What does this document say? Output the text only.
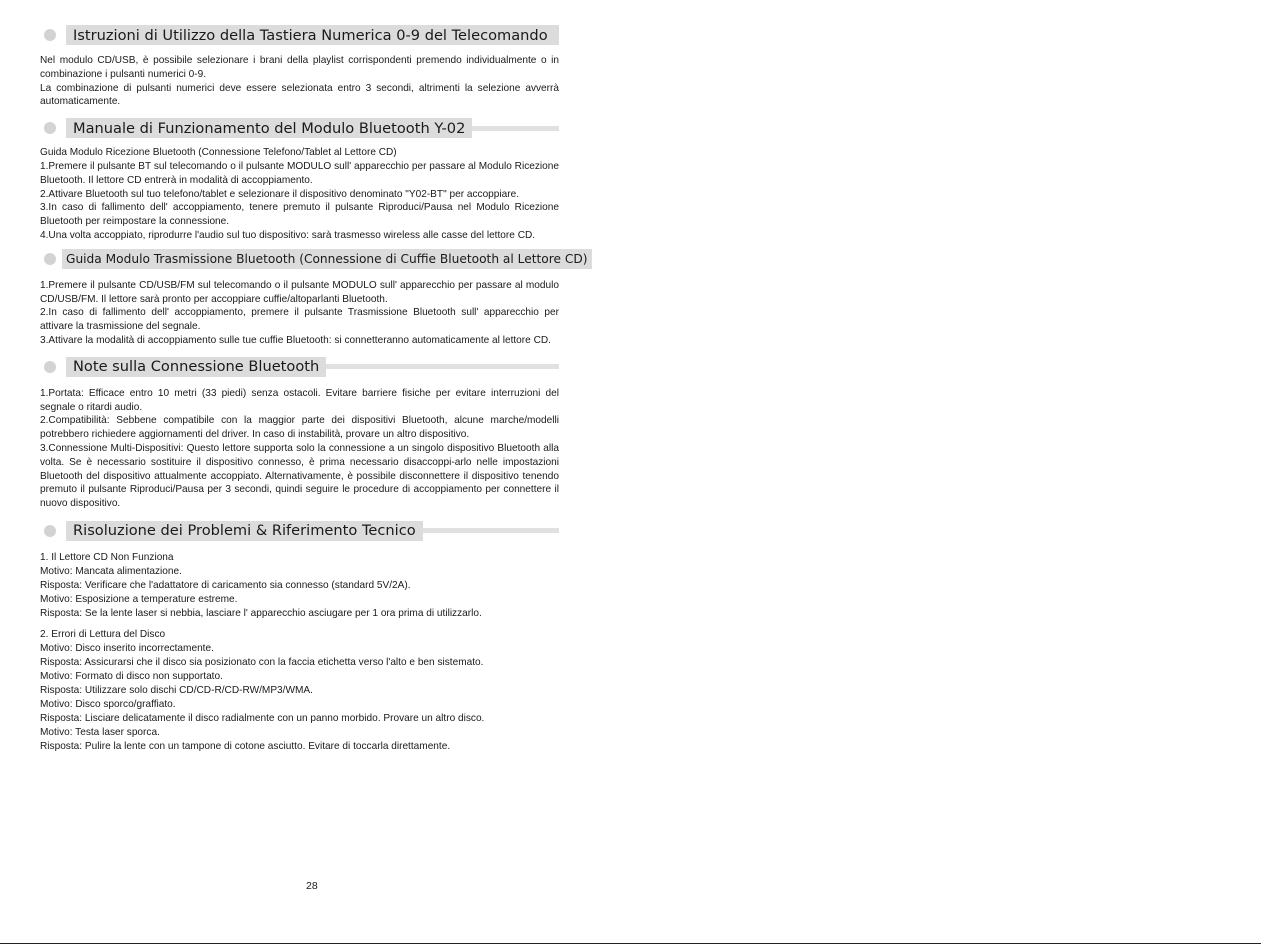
Istruzioni di Utilizzo della Tastiera Numerica 0-9 del Telecomando

Nel modulo CD/USB, è possibile selezionare i brani della playlist corrispondenti premendo individualmente o in combinazione i pulsanti numerici 0-9.

La combinazione di pulsanti numerici deve essere selezionata entro 3 secondi, altrimenti la selezione avverrà automaticamente.

Manuale di Funzionamento del Modulo Bluetooth Y-02

Guida Modulo Ricezione Bluetooth (Connessione Telefono/Tablet al Lettore CD)

1.Premere il pulsante BT sul telecomando o il pulsante MODULO sull' apparecchio per passare al Modulo Ricezione Bluetooth. Il lettore CD entrerà in modalità di accoppiamento.

2.Attivare Bluetooth sul tuo telefono/tablet e selezionare il dispositivo denominato "Y02-BT" per accoppiare.

3.In caso di fallimento dell' accoppiamento, tenere premuto il pulsante Riproduci/Pausa nel Modulo Ricezione Bluetooth per reimpostare la connessione.

4.Una volta accoppiato, riprodurre l'audio sul tuo dispositivo: sarà trasmesso wireless alle casse del lettore CD.

Guida Modulo Trasmissione Bluetooth (Connessione di Cuffie Bluetooth al Lettore CD)

1.Premere il pulsante CD/USB/FM sul telecomando o il pulsante MODULO sull' apparecchio per passare al modulo CD/USB/FM. Il lettore sarà pronto per accoppiare cuffie/altoparlanti Bluetooth.

2.In caso di fallimento dell' accoppiamento, premere il pulsante Trasmissione Bluetooth sull' apparecchio per attivare la trasmissione del segnale.

3.Attivare la modalità di accoppiamento sulle tue cuffie Bluetooth: si connetteranno automaticamente al lettore CD.

Note sulla Connessione Bluetooth

1.Portata: Efficace entro 10 metri (33 piedi) senza ostacoli. Evitare barriere fisiche per evitare interruzioni del segnale o ritardi audio.

2.Compatibilità: Sebbene compatibile con la maggior parte dei dispositivi Bluetooth, alcune marche/modelli potrebbero richiedere aggiornamenti del driver. In caso di instabilità, provare un altro dispositivo.

3.Connessione Multi-Dispositivi: Questo lettore supporta solo la connessione a un singolo dispositivo Bluetooth alla volta. Se è necessario sostituire il dispositivo connesso, è prima necessario disaccoppi-arlo nelle impostazioni Bluetooth del dispositivo attualmente accoppiato. Alternativamente, è possibile disconnettere il dispositivo tenendo premuto il pulsante Riproduci/Pausa per 3 secondi, quindi seguire le procedure di accoppiamento per connettere il nuovo dispositivo.

Risoluzione dei Problemi & Riferimento Tecnico
1. Il Lettore CD Non Funziona
Motivo: Mancata alimentazione.
Risposta: Verificare che l'adattatore di caricamento sia connesso (standard 5V/2A).
Motivo: Esposizione a temperature estreme.
Risposta: Se la lente laser si nebbia, lasciare l' apparecchio asciugare per 1 ora prima di utilizzarlo.
2. Errori di Lettura del Disco
Motivo: Disco inserito incorrectamente.
Risposta: Assicurarsi che il disco sia posizionato con la faccia etichetta verso l'alto e ben sistemato.
Motivo: Formato di disco non supportato.
Risposta: Utilizzare solo dischi CD/CD-R/CD-RW/MP3/WMA.
Motivo: Disco sporco/graffiato.
Risposta: Lisciare delicatamente il disco radialmente con un panno morbido. Provare un altro disco.
Motivo: Testa laser sporca.
Risposta: Pulire la lente con un tampone di cotone asciutto. Evitare di toccarla direttamente.
28
